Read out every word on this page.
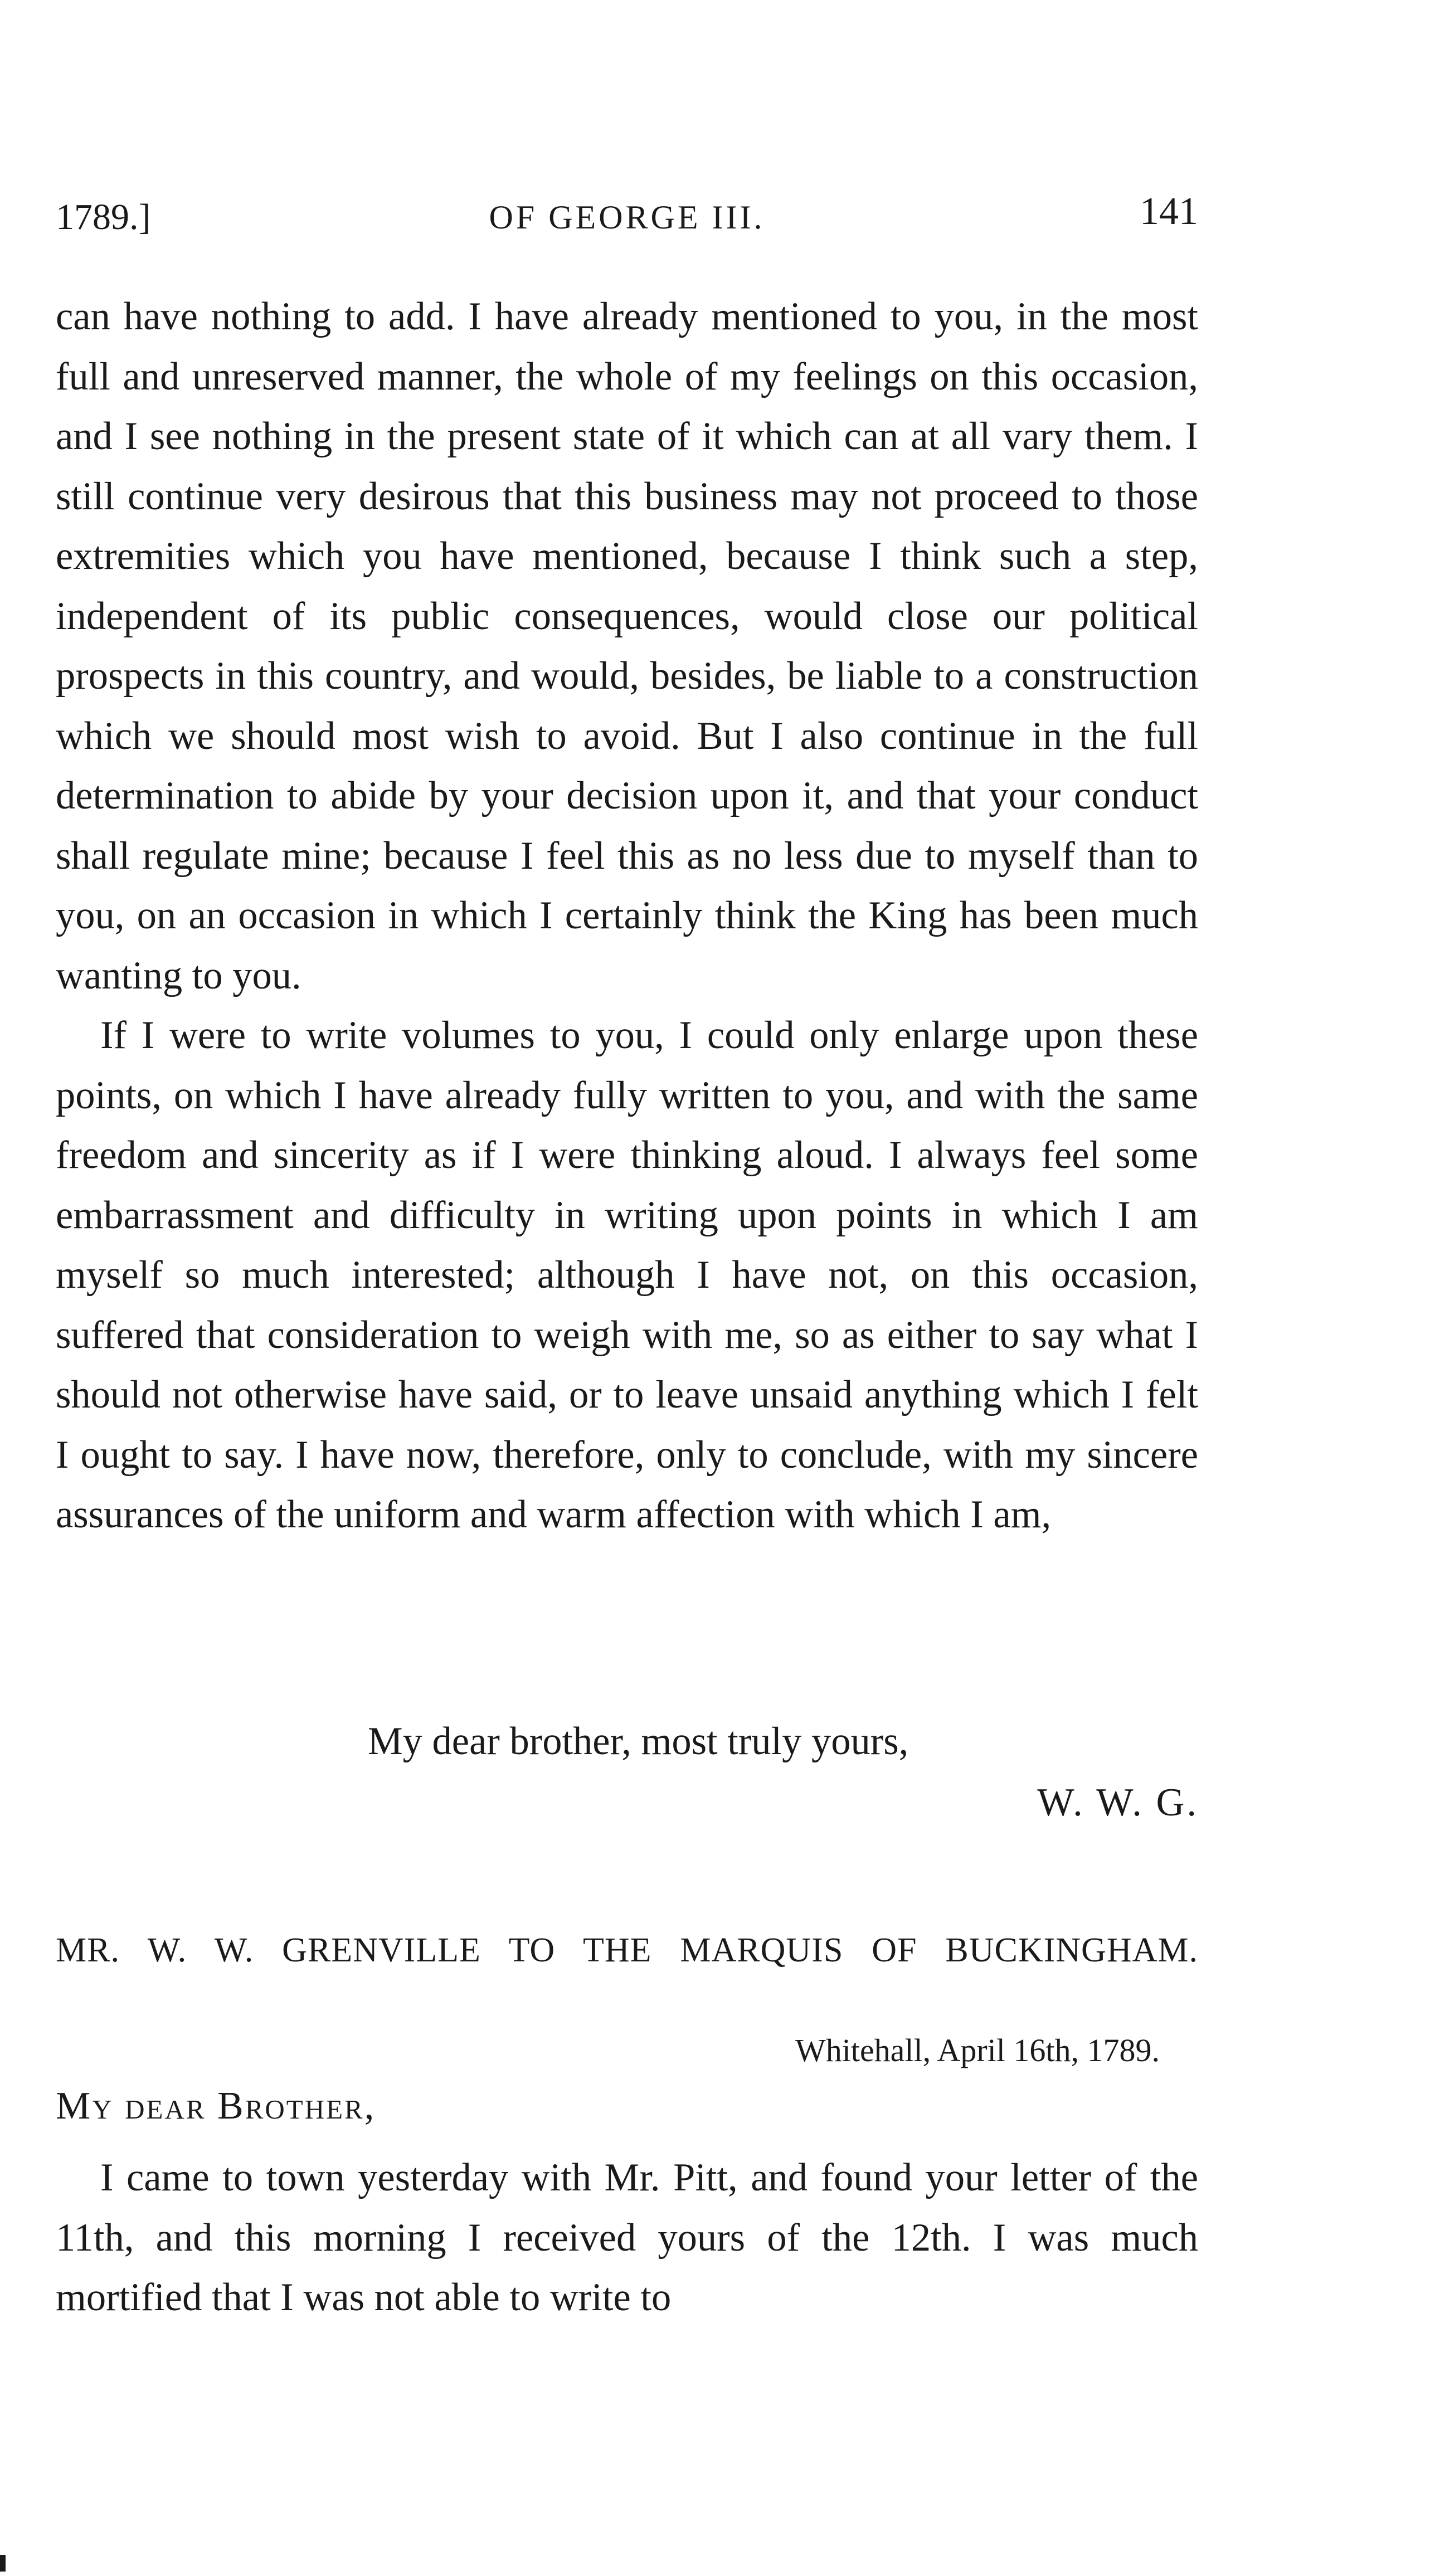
1789.]	OF GEORGE III.	141

can have nothing to add. I have already mentioned to you, in the most full and unreserved manner, the whole of my feelings on this occasion, and I see nothing in the present state of it which can at all vary them. I still continue very desirous that this business may not proceed to those extremities which you have mentioned, because I think such a step, independent of its public consequences, would close our political prospects in this country, and would, besides, be liable to a construction which we should most wish to avoid. But I also continue in the full determination to abide by your decision upon it, and that your conduct shall regulate mine; because I feel this as no less due to myself than to you, on an occasion in which I certainly think the King has been much wanting to you.

If I were to write volumes to you, I could only enlarge upon these points, on which I have already fully written to you, and with the same freedom and sincerity as if I were thinking aloud. I always feel some embarrassment and difficulty in writing upon points in which I am myself so much interested; although I have not, on this occasion, suffered that consideration to weigh with me, so as either to say what I should not otherwise have said, or to leave unsaid anything which I felt I ought to say. I have now, therefore, only to conclude, with my sincere assurances of the uniform and warm affection with which I am,

My dear brother, most truly yours,
W. W. G.
MR. W. W. GRENVILLE TO THE MARQUIS OF BUCKINGHAM.
Whitehall, April 16th, 1789.
My dear Brother,

I came to town yesterday with Mr. Pitt, and found your letter of the 11th, and this morning I received yours of the 12th. I was much mortified that I was not able to write to
